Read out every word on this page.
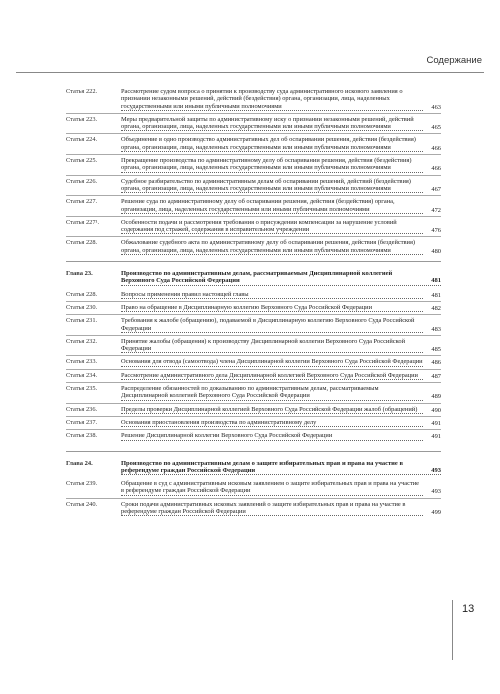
Содержание
Статья 222.	Рассмотрение судом вопроса о принятии к производству суда административного искового заявления о признании незаконными решений, действий (бездействия) органа, организации, лица, наделенных государственными или иными публичными полномочиями	463
Статья 223.	Меры предварительной защиты по административному иску о признании незаконными решений, действий органа, организации, лица, наделенных государственными или иными публичными полномочиями	465
Статья 224.	Объединение в одно производство административных дел об оспаривании решения, действия (бездействия) органа, организации, лица, наделенных государственными или иными публичными полномочиями	466
Статья 225.	Прекращение производства по административному делу об оспаривании решения, действия (бездействия) органа, организации, лица, наделенных государственными или иными публичными полномочиями	466
Статья 226.	Судебное разбирательство по административным делам об оспаривании решений, действий (бездействия) органа, организации, лица, наделенных государственными или иными публичными полномочиями	467
Статья 227.	Решение суда по административному делу об оспаривании решения, действия (бездействия) органа, организации, лица, наделенных государственными или иными публичными полномочиями	472
Статья 227¹.	Особенности подачи и рассмотрения требования о присуждении компенсации за нарушение условий содержания под стражей, содержания в исправительном учреждении	476
Статья 228.	Обжалование судебного акта по административному делу об оспаривании решения, действия (бездействия) органа, организации, лица, наделенных государственными или иными публичными полномочиями	480
Глава 23.	Производство по административным делам, рассматриваемым Дисциплинарной коллегией Верховного Суда Российской Федерации	481
Статья 228.	Вопросы применения правил настоящей главы	481
Статья 230.	Право на обращение в Дисциплинарную коллегию Верховного Суда Российской Федерации	482
Статья 231.	Требования к жалобе (обращению), подаваемой в Дисциплинарную коллегию Верховного Суда Российской Федерации	483
Статья 232.	Принятие жалобы (обращения) к производству Дисциплинарной коллегии Верховного Суда Российской Федерации	485
Статья 233.	Основания для отвода (самоотвода) члена Дисциплинарной коллегии Верховного Суда Российской Федерации 486
Статья 234.	Рассмотрение административного дела Дисциплинарной коллегией Верховного Суда Российской Федерации	487
Статья 235.	Распределение обязанностей по доказыванию по административным делам, рассматриваемым Дисциплинарной коллегией Верховного Суда Российской Федерации	489
Статья 236.	Пределы проверки Дисциплинарной коллегией Верховного Суда Российской Федерации жалоб (обращений)	490
Статья 237.	Основания приостановления производства по административному делу	491
Статья 238.	Решение Дисциплинарной коллегии Верховного Суда Российской Федерации	491
Глава 24.	Производство по административным делам о защите избирательных прав и права на участие в референдуме граждан Российской Федерации	493
Статья 239.	Обращение в суд с административным исковым заявлением о защите избирательных прав и права на участие в референдуме граждан Российской Федерации	493
Статья 240.	Сроки подачи административных исковых заявлений о защите избирательных прав и права на участие в референдуме граждан Российской Федерации	499
13
